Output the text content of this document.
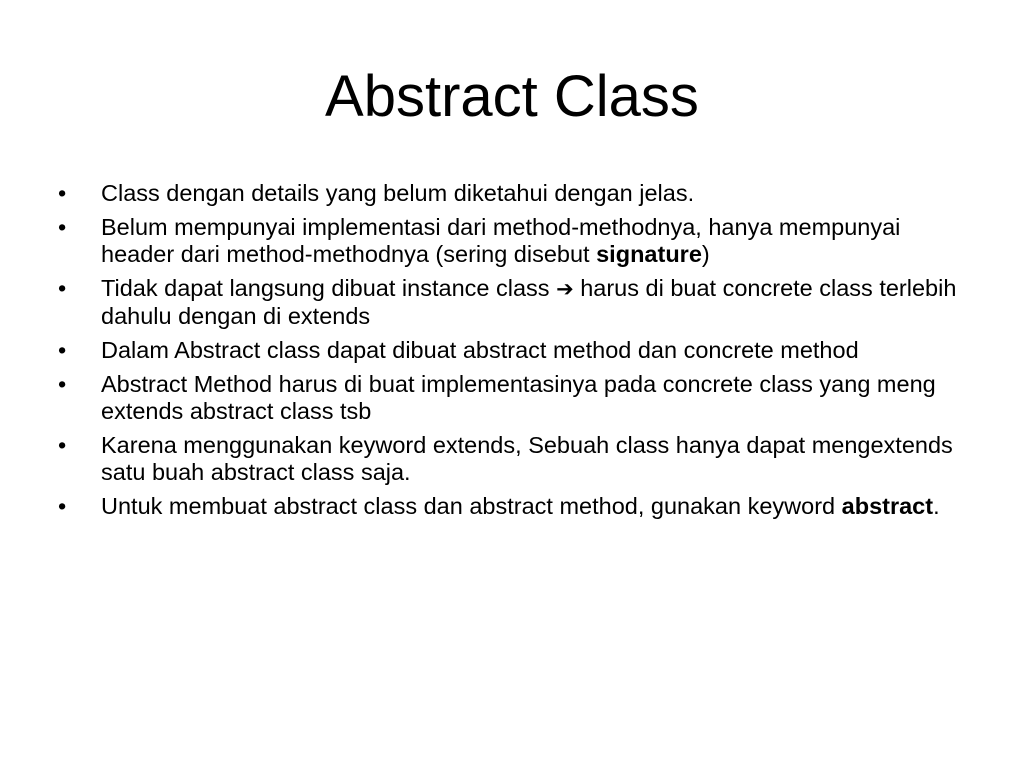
Abstract Class
•	Class dengan details yang belum diketahui dengan jelas.
•	Belum mempunyai implementasi dari method-methodnya, hanya mempunyai header dari method-methodnya (sering disebut signature)
•	Tidak dapat langsung dibuat instance class ➔ harus di buat concrete class terlebih dahulu dengan di extends
•	Dalam Abstract class dapat dibuat abstract method dan concrete method
•	Abstract Method harus di buat implementasinya pada concrete class yang meng extends abstract class tsb
•	Karena menggunakan keyword extends, Sebuah class hanya dapat mengextends satu buah abstract class saja.
•	Untuk membuat abstract class dan abstract method, gunakan keyword abstract.
